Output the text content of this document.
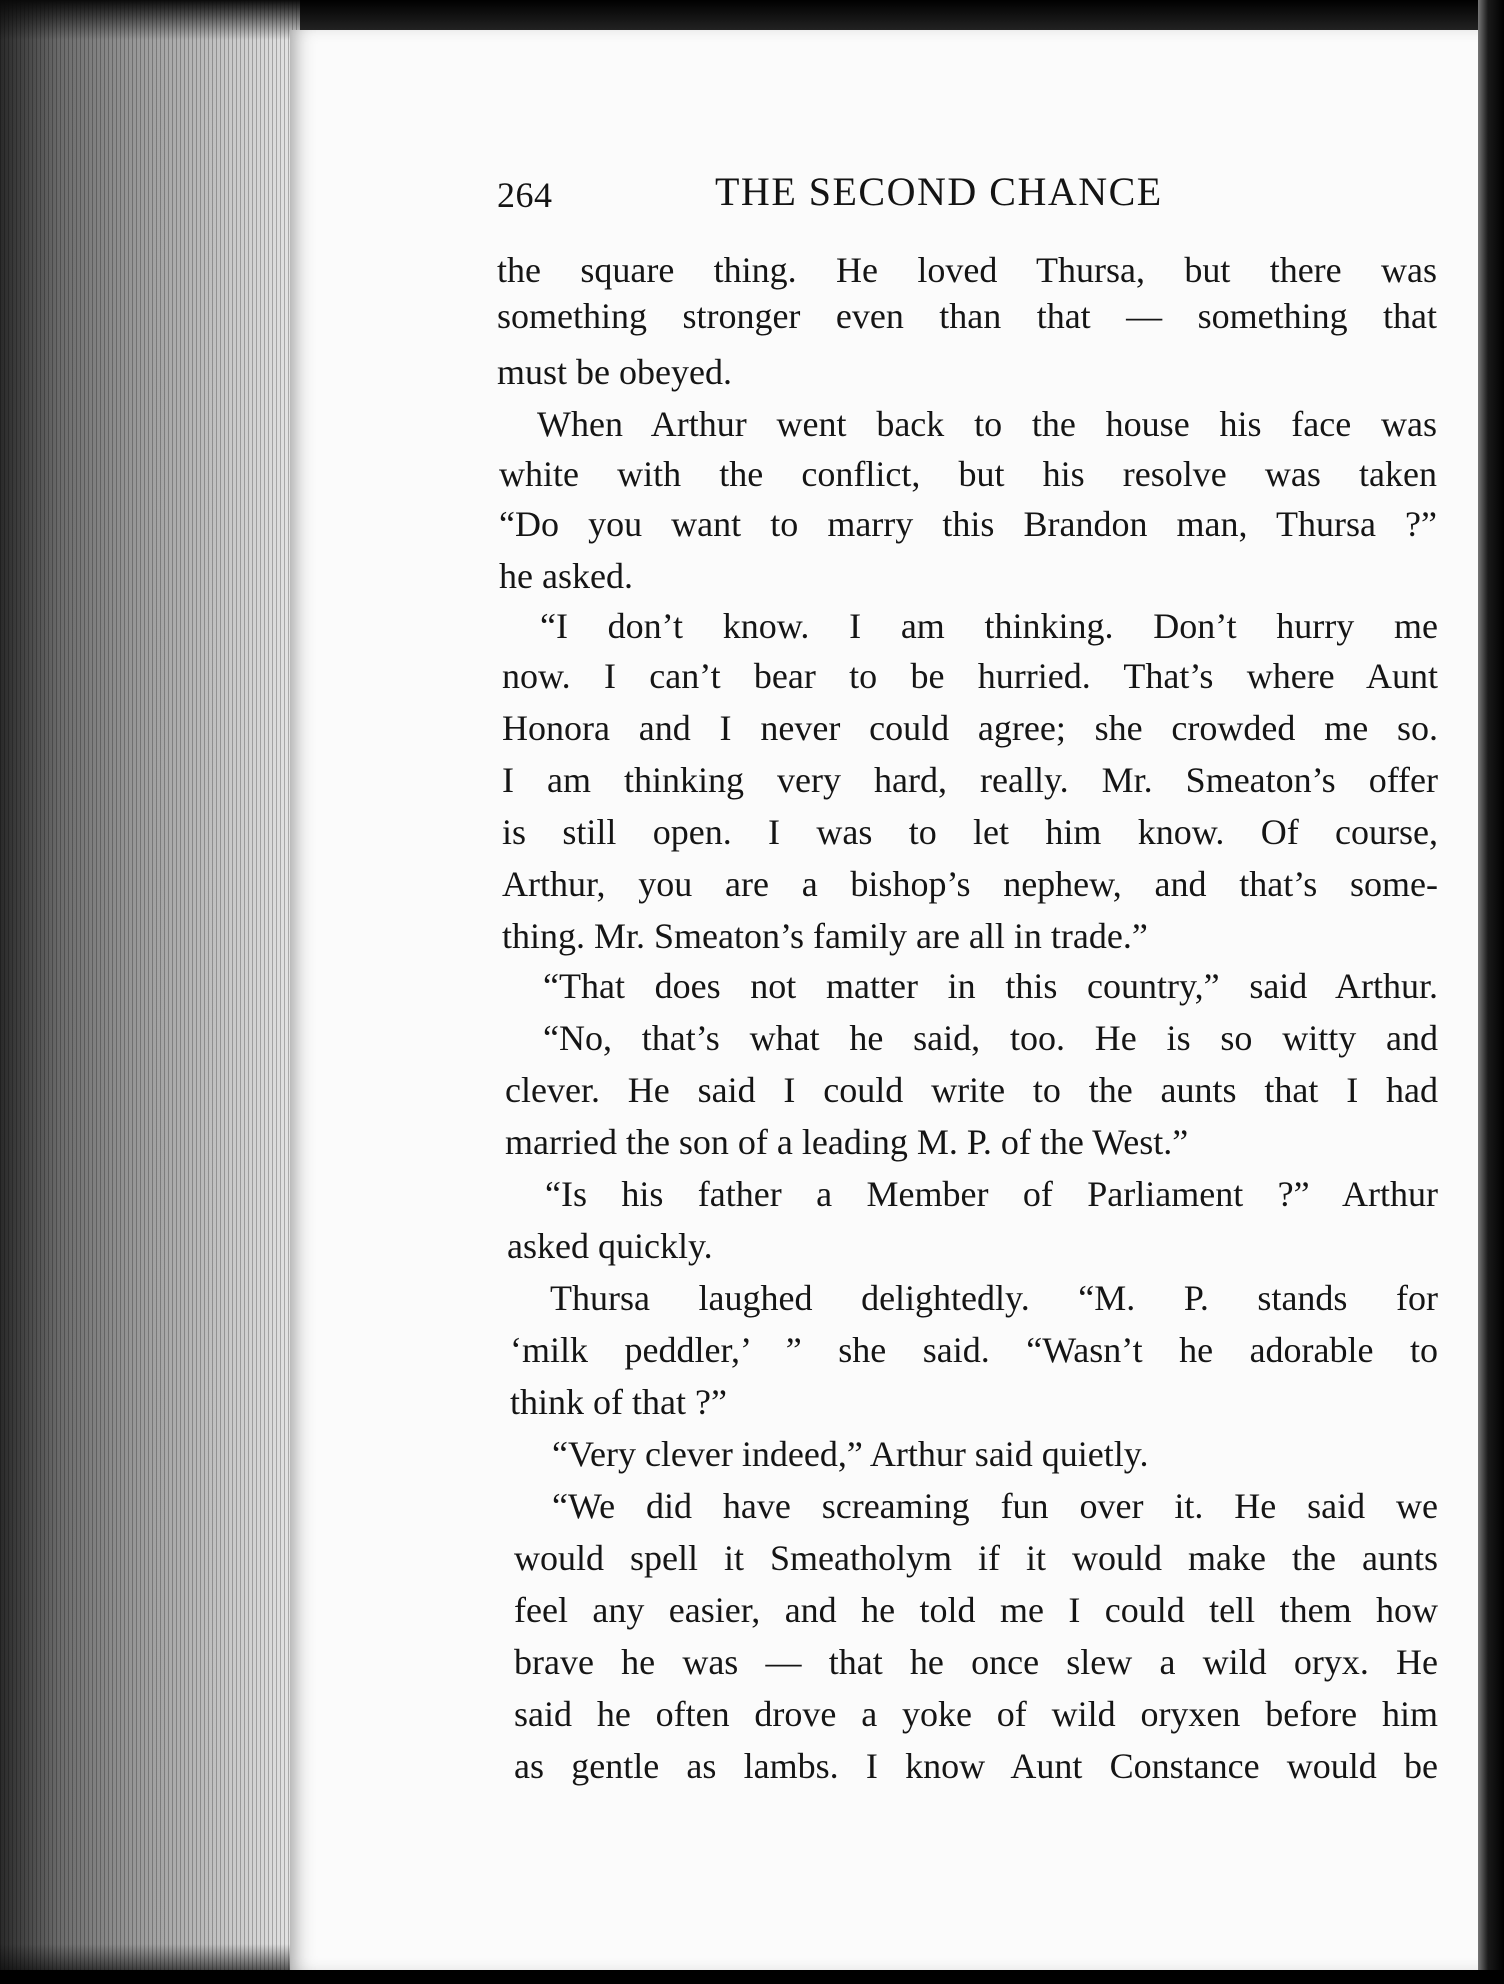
264	THE SECOND CHANCE
the square thing. He loved Thursa, but there was
something stronger even than that — something that
must be obeyed.
When Arthur went back to the house his face was
white with the conflict, but his resolve was taken
“Do you want to marry this Brandon man, Thursa ?”
he asked.
“I don’t know. I am thinking. Don’t hurry me
now. I can’t bear to be hurried. That’s where Aunt
Honora and I never could agree; she crowded me so.
I am thinking very hard, really. Mr. Smeaton’s offer
is still open. I was to let him know. Of course,
Arthur, you are a bishop’s nephew, and that’s some-
thing. Mr. Smeaton’s family are all in trade.”
“That does not matter in this country,” said Arthur.
“No, that’s what he said, too. He is so witty and
clever. He said I could write to the aunts that I had
married the son of a leading M. P. of the West.”
“Is his father a Member of Parliament ?” Arthur
asked quickly.
Thursa laughed delightedly. “M. P. stands for
‘milk peddler,’ ” she said. “Wasn’t he adorable to
think of that ?”
“Very clever indeed,” Arthur said quietly.
“We did have screaming fun over it. He said we
would spell it Smeatholym if it would make the aunts
feel any easier, and he told me I could tell them how
brave he was — that he once slew a wild oryx. He
said he often drove a yoke of wild oryxen before him
as gentle as lambs. I know Aunt Constance would be
